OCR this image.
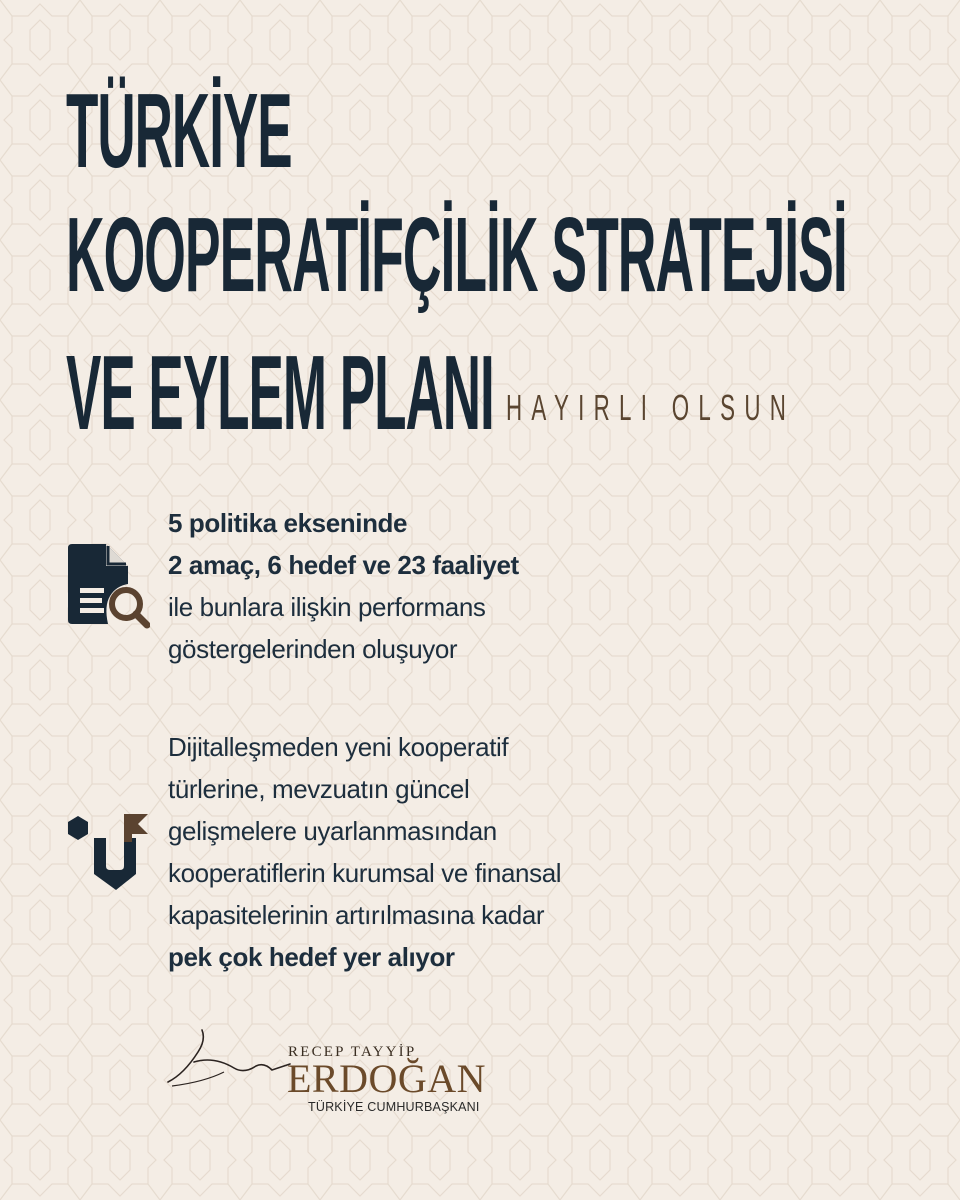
TÜRKİYE
KOOPERATİFÇİLİK STRATEJİSİ
VE EYLEM PLANI HAYIRLI OLSUN
5 politika ekseninde
2 amaç, 6 hedef ve 23 faaliyet
ile bunlara ilişkin performans
göstergelerinden oluşuyor
Dijitalleşmeden yeni kooperatif
türlerine, mevzuatın güncel
gelişmelere uyarlanmasından
kooperatiflerin kurumsal ve finansal
kapasitelerinin artırılmasına kadar
pek çok hedef yer alıyor
RECEP TAYYİP
ERDOĞAN
TÜRKİYE CUMHURBAŞKANI
